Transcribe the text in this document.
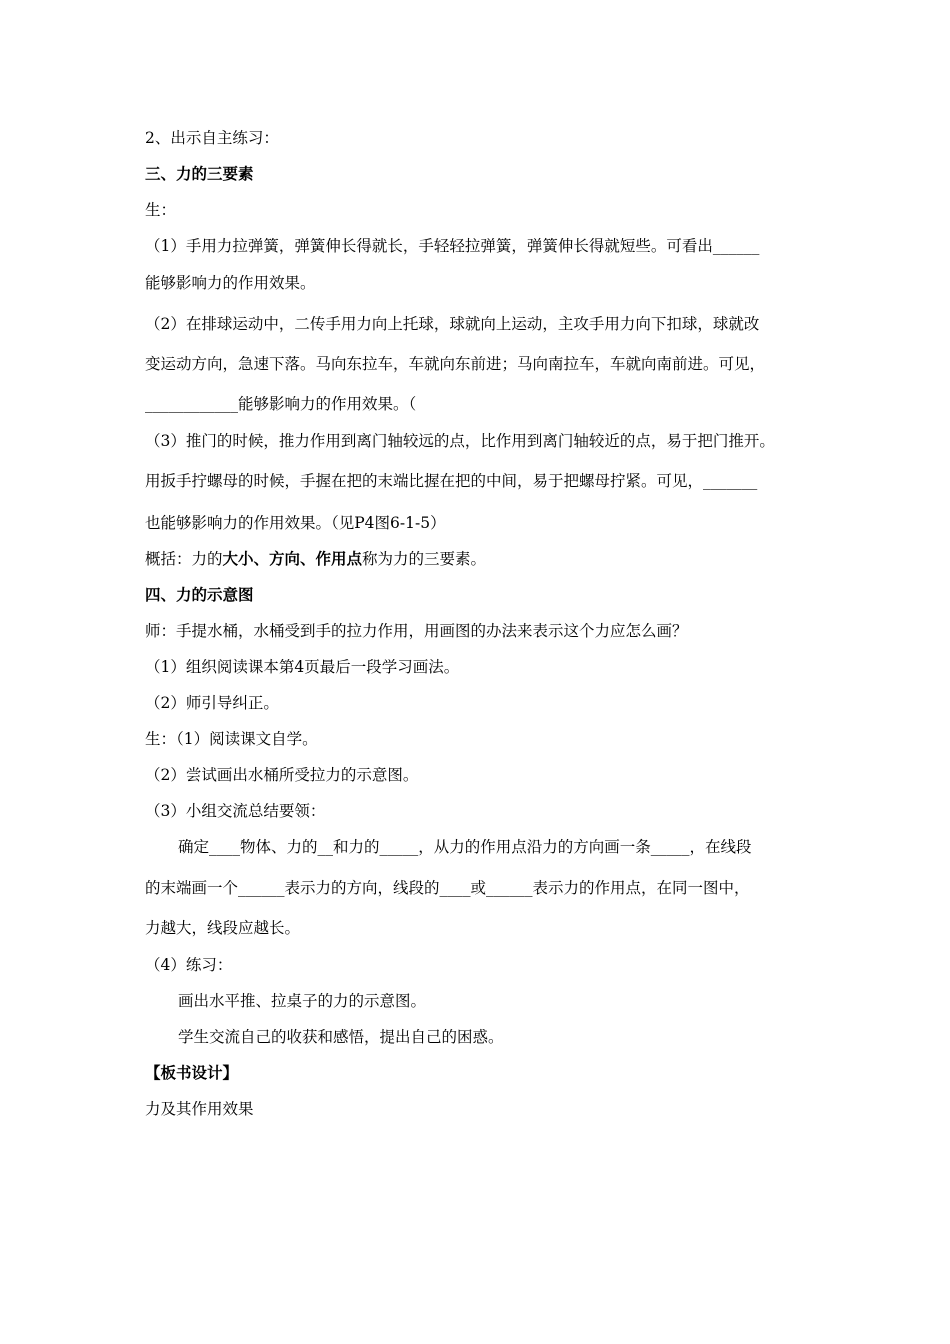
2、出示自主练习：
三、力的三要素
生：
（1）手用力拉弹簧，弹簧伸长得就长，手轻轻拉弹簧，弹簧伸长得就短些。可看出______
能够影响力的作用效果。
（2）在排球运动中，二传手用力向上托球，球就向上运动，主攻手用力向下扣球，球就改
变运动方向，急速下落。马向东拉车，车就向东前进；马向南拉车，车就向南前进。可见，
____________能够影响力的作用效果。（
（3）推门的时候，推力作用到离门轴较远的点，比作用到离门轴较近的点，易于把门推开。
用扳手拧螺母的时候，手握在把的末端比握在把的中间，易于把螺母拧紧。可见，_______
也能够影响力的作用效果。（见P4图6-1-5）
概括：力的大小、方向、作用点称为力的三要素。
四、力的示意图
师：手提水桶，水桶受到手的拉力作用，用画图的办法来表示这个力应怎么画？
（1）组织阅读课本第4页最后一段学习画法。
（2）师引导纠正。
生：（1）阅读课文自学。
（2）尝试画出水桶所受拉力的示意图。
（3）小组交流总结要领：
确定____物体、力的__和力的_____，从力的作用点沿力的方向画一条_____，在线段
的末端画一个______表示力的方向，线段的____或______表示力的作用点，在同一图中，
力越大，线段应越长。
（4）练习：
画出水平推、拉桌子的力的示意图。
学生交流自己的收获和感悟，提出自己的困惑。
【板书设计】
力及其作用效果
